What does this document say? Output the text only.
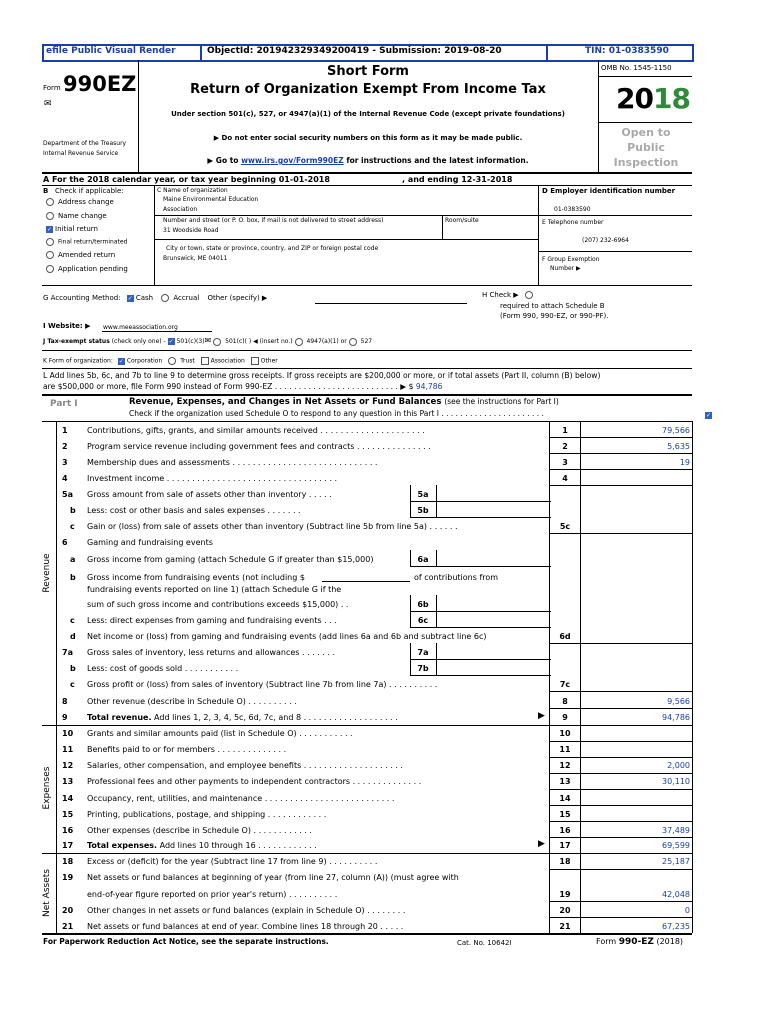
efile Public Visual Render	ObjectId: 201942329349200419 - Submission: 2019-08-20	TIN: 01-0383590
Form 990EZ
✉
Department of the Treasury
Internal Revenue Service
Short Form
Return of Organization Exempt From Income Tax
Under section 501(c), 527, or 4947(a)(1) of the Internal Revenue Code (except private foundations)
▶ Do not enter social security numbers on this form as it may be made public.
▶ Go to www.irs.gov/Form990EZ for instructions and the latest information.
OMB No. 1545-1150
2018
Open to
Public
Inspection
A For the 2018 calendar year, or tax year beginning 01-01-2018	, and ending 12-31-2018
B Check if applicable:
Address change
Name change
✓ Initial return
Final return/terminated
Amended return
Application pending
C Name of organization
Maine Environmental Education
Association
Number and street (or P. O. box, if mail is not delivered to street address)	Room/suite
31 Woodside Road
City or town, state or province, country, and ZIP or foreign postal code
Brunswick, ME 04011
D Employer identification number
01-0383590
E Telephone number
(207) 232-6964
F Group Exemption
Number ▶
G Accounting Method: ✓ Cash	Accrual Other (specify) ▶	H Check ▶
required to attach Schedule B
(Form 990, 990-EZ, or 990-PF).
I Website: ▶ www.meeassociation.org
J Tax-exempt status (check only one) - ✓ 501(c)(3)✉ 501(c)( ) ◀ (insert no.) 4947(a)(1) or 527
K Form of organization: ✓ Corporation	Trust	Association	Other
L Add lines 5b, 6c, and 7b to line 9 to determine gross receipts. If gross receipts are $200,000 or more, or if total assets (Part II, column (B) below)
are $500,000 or more, file Form 990 instead of Form 990-EZ . . . . . . . . . . . . . . . . . . . . . . . . . . ▶ $ 94,786
Part I	Revenue, Expenses, and Changes in Net Assets or Fund Balances (see the instructions for Part I)
Check if the organization used Schedule O to respond to any question in this Part I . . . . . . . . . . . . . . . . . . . . . .	✓
Revenue
Expenses
Net Assets
1 Contributions, gifts, grants, and similar amounts received . . . . . . . . . . . . . . . . . . . . .	1	79,566
2 Program service revenue including government fees and contracts . . . . . . . . . . . . . . .	2	5,635
3 Membership dues and assessments . . . . . . . . . . . . . . . . . . . . . . . . . . . . .	3	19
4 Investment income . . . . . . . . . . . . . . . . . . . . . . . . . . . . . . . . . .	4
5a Gross amount from sale of assets other than inventory . . . . .	5a
b Less: cost or other basis and sales expenses . . . . . . .	5b
c Gain or (loss) from sale of assets other than inventory (Subtract line 5b from line 5a) . . . . . .	5c
6 Gaming and fundraising events
a Gross income from gaming (attach Schedule G if greater than $15,000)	6a
b Gross income from fundraising events (not including $	of contributions from
fundraising events reported on line 1) (attach Schedule G if the
sum of such gross income and contributions exceeds $15,000) . .	6b
c Less: direct expenses from gaming and fundraising events . . .	6c
d Net income or (loss) from gaming and fundraising events (add lines 6a and 6b and subtract line 6c)	6d
7a Gross sales of inventory, less returns and allowances . . . . . . .	7a
b Less: cost of goods sold . . . . . . . . . . .	7b
c Gross profit or (loss) from sales of inventory (Subtract line 7b from line 7a) . . . . . . . . . .	7c
8 Other revenue (describe in Schedule O) . . . . . . . . . .	8	9,566
9 Total revenue. Add lines 1, 2, 3, 4, 5c, 6d, 7c, and 8 . . . . . . . . . . . . . . . . . . .	▶	9	94,786
10 Grants and similar amounts paid (list in Schedule O) . . . . . . . . . . .	10
11 Benefits paid to or for members . . . . . . . . . . . . . .	11
12 Salaries, other compensation, and employee benefits . . . . . . . . . . . . . . . . . . . .	12	2,000
13 Professional fees and other payments to independent contractors . . . . . . . . . . . . . .	13	30,110
14 Occupancy, rent, utilities, and maintenance . . . . . . . . . . . . . . . . . . . . . . . . . .	14
15 Printing, publications, postage, and shipping . . . . . . . . . . . .	15
16 Other expenses (describe in Schedule O) . . . . . . . . . . . .	16	37,489
17 Total expenses. Add lines 10 through 16 . . . . . . . . . . . .	▶	17	69,599
18 Excess or (deficit) for the year (Subtract line 17 from line 9) . . . . . . . . . .	18	25,187
19 Net assets or fund balances at beginning of year (from line 27, column (A)) (must agree with
end-of-year figure reported on prior year's return) . . . . . . . . . .	19	42,048
20 Other changes in net assets or fund balances (explain in Schedule O) . . . . . . . .	20	0
21 Net assets or fund balances at end of year. Combine lines 18 through 20 . . . . .	21	67,235
For Paperwork Reduction Act Notice, see the separate instructions.	Cat. No. 10642I	Form 990-EZ (2018)
